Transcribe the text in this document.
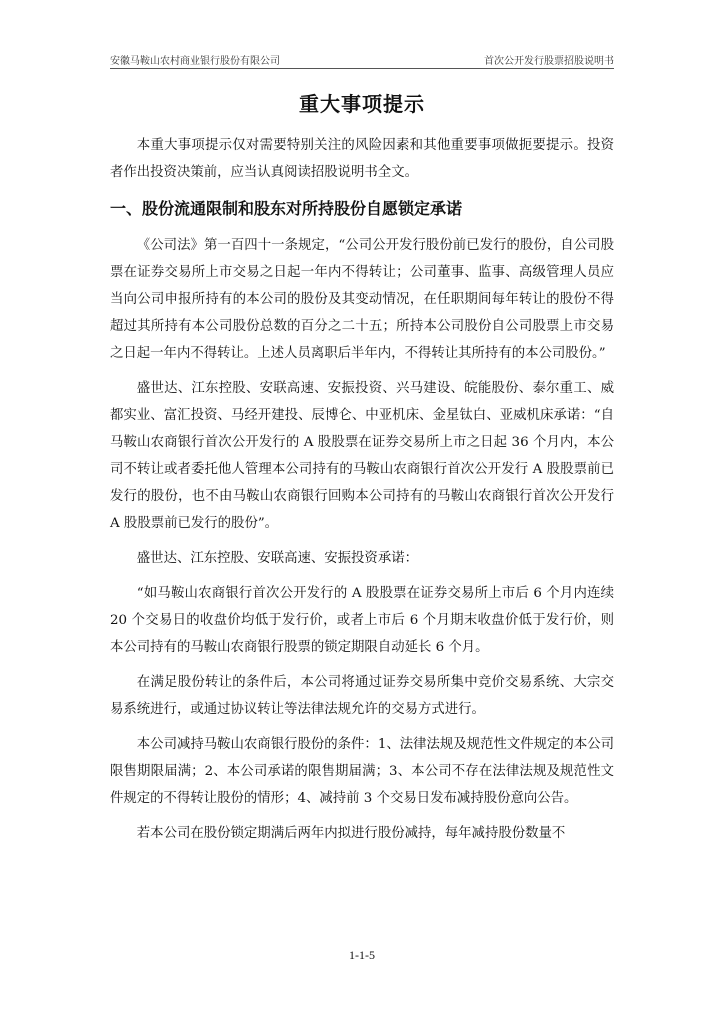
安徽马鞍山农村商业银行股份有限公司	首次公开发行股票招股说明书
重大事项提示

本重大事项提示仅对需要特别关注的风险因素和其他重要事项做扼要提示。投资者作出投资决策前，应当认真阅读招股说明书全文。

一、股份流通限制和股东对所持股份自愿锁定承诺

《公司法》第一百四十一条规定，“公司公开发行股份前已发行的股份，自公司股票在证券交易所上市交易之日起一年内不得转让；公司董事、监事、高级管理人员应当向公司申报所持有的本公司的股份及其变动情况，在任职期间每年转让的股份不得超过其所持有本公司股份总数的百分之二十五；所持本公司股份自公司股票上市交易之日起一年内不得转让。上述人员离职后半年内，不得转让其所持有的本公司股份。”

盛世达、江东控股、安联高速、安振投资、兴马建设、皖能股份、泰尔重工、威都实业、富汇投资、马经开建投、辰博仑、中亚机床、金星钛白、亚威机床承诺：“自马鞍山农商银行首次公开发行的 A 股股票在证券交易所上市之日起 36 个月内，本公司不转让或者委托他人管理本公司持有的马鞍山农商银行首次公开发行 A 股股票前已发行的股份，也不由马鞍山农商银行回购本公司持有的马鞍山农商银行首次公开发行 A 股股票前已发行的股份”。

盛世达、江东控股、安联高速、安振投资承诺：

“如马鞍山农商银行首次公开发行的 A 股股票在证券交易所上市后 6 个月内连续 20 个交易日的收盘价均低于发行价，或者上市后 6 个月期末收盘价低于发行价，则本公司持有的马鞍山农商银行股票的锁定期限自动延长 6 个月。

在满足股份转让的条件后，本公司将通过证券交易所集中竞价交易系统、大宗交易系统进行，或通过协议转让等法律法规允许的交易方式进行。

本公司减持马鞍山农商银行股份的条件：1、法律法规及规范性文件规定的本公司限售期限届满；2、本公司承诺的限售期届满；3、本公司不存在法律法规及规范性文件规定的不得转让股份的情形；4、减持前 3 个交易日发布减持股份意向公告。

若本公司在股份锁定期满后两年内拟进行股份减持，每年减持股份数量不

1-1-5
